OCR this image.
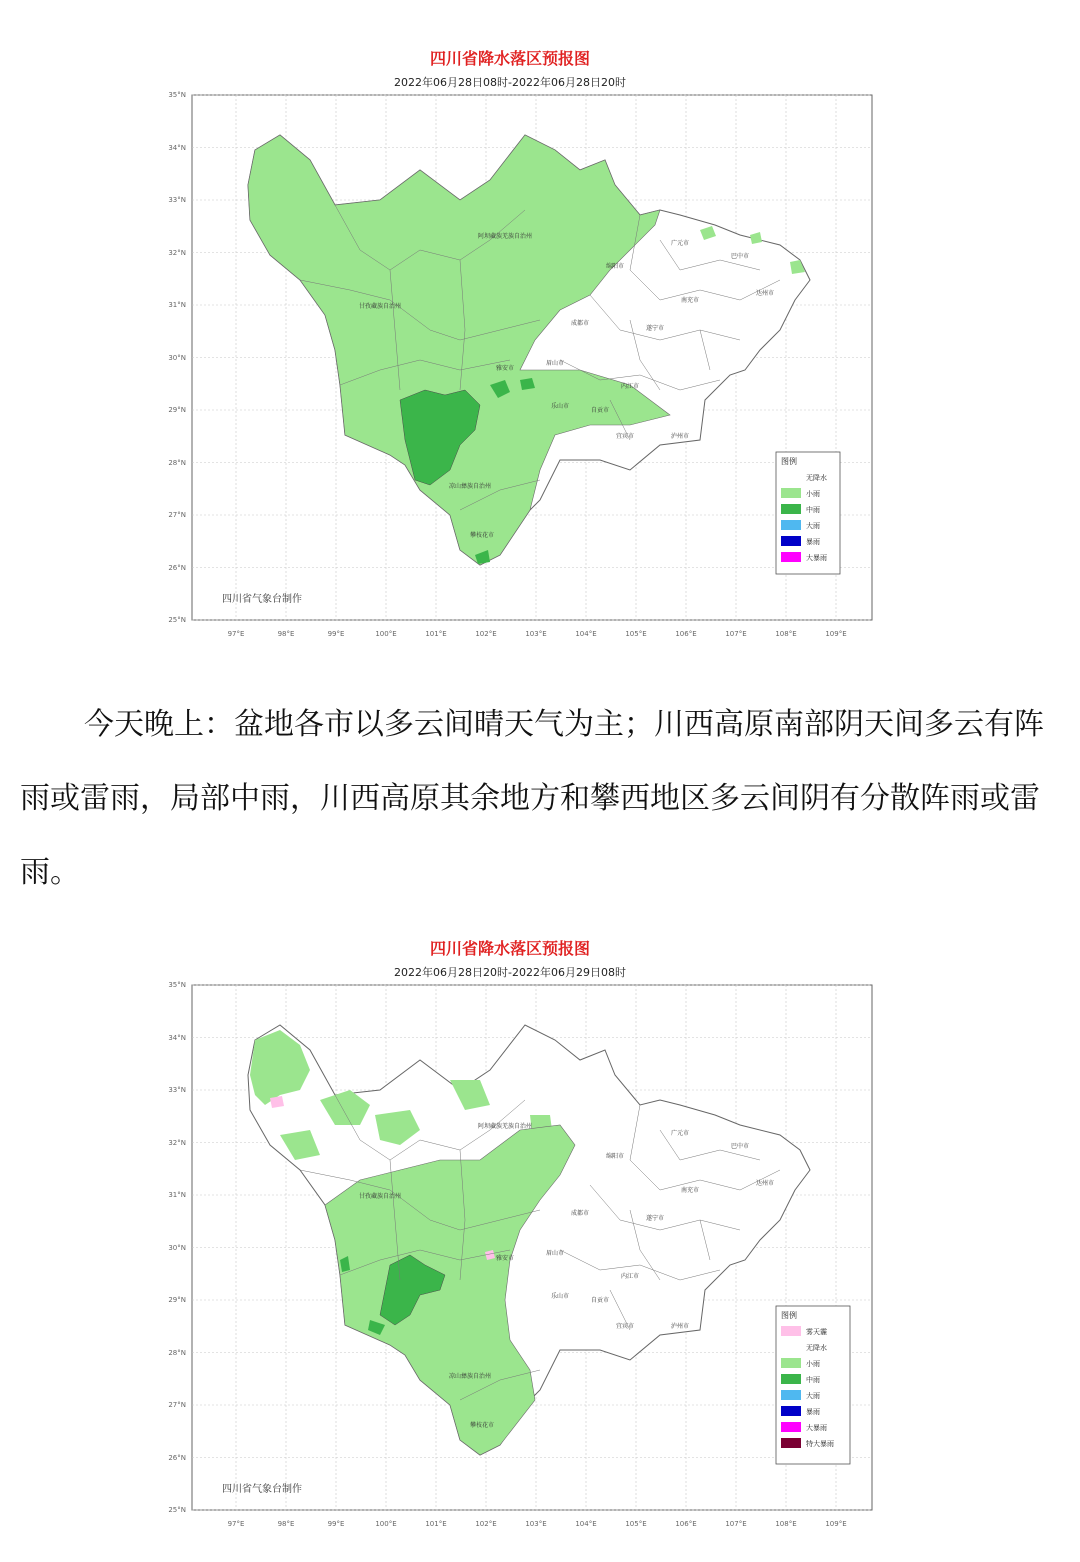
四川省降水落区预报图
2022年06月28日08时-2022年06月28日20时
35°N
34°N
33°N
32°N
31°N
30°N
29°N
28°N
27°N
26°N
25°N
97°E	98°E	99°E	100°E	101°E	102°E	103°E	104°E	105°E	106°E	107°E	108°E	109°E
阿坝藏族羌族自治州
甘孜藏族自治州
凉山彝族自治州
雅安市
乐山市
攀枝花市
成都市
绵阳市
广元市
巴中市
达州市
南充市
遂宁市
内江市
宜宾市	泸州市
自贡市
眉山市
四川省气象台制作
图例
无降水
小雨
中雨
大雨
暴雨
大暴雨

今天晚上：盆地各市以多云间晴天气为主；川西高原南部阴天间多云有阵雨或雷雨，局部中雨，川西高原其余地方和攀西地区多云间阴有分散阵雨或雷雨。

四川省降水落区预报图
2022年06月28日20时-2022年06月29日08时
35°N
34°N
33°N
32°N
31°N
30°N
29°N
28°N
27°N
26°N
25°N
97°E	98°E	99°E	100°E	101°E	102°E	103°E	104°E	105°E	106°E	107°E	108°E	109°E
阿坝藏族羌族自治州
甘孜藏族自治州
凉山彝族自治州
雅安市
乐山市
攀枝花市
成都市
绵阳市
广元市
巴中市
达州市
南充市
遂宁市
内江市
宜宾市	泸州市
自贡市
眉山市
四川省气象台制作
图例
雾天霾
无降水
小雨
中雨
大雨
暴雨
大暴雨
特大暴雨
